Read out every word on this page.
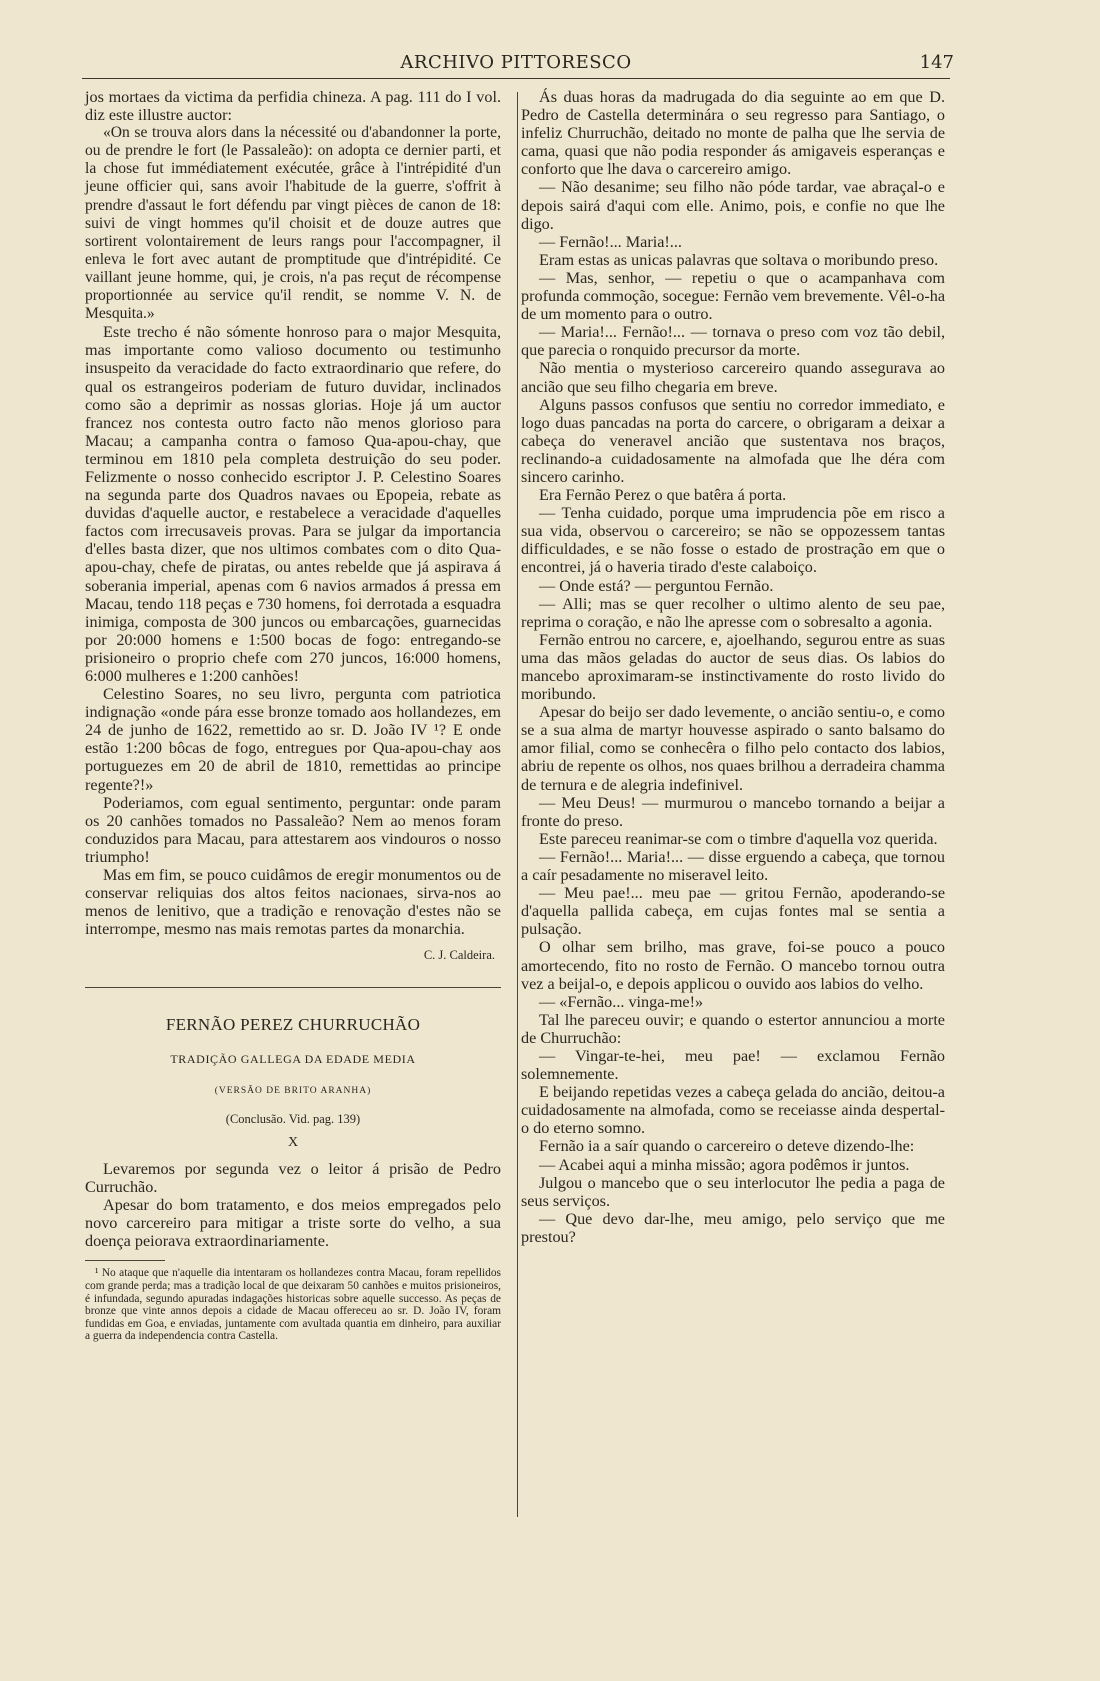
ARCHIVO PITTORESCO	147

jos mortaes da victima da perfidia chineza. A pag. 111 do I vol. diz este illustre auctor:

«On se trouva alors dans la nécessité ou d'abandonner la porte, ou de prendre le fort (le Passaleão): on adopta ce dernier parti, et la chose fut immédiatement exécutée, grâce à l'intrépidité d'un jeune officier qui, sans avoir l'habitude de la guerre, s'offrit à prendre d'assaut le fort défendu par vingt pièces de canon de 18: suivi de vingt hommes qu'il choisit et de douze autres que sortirent volontairement de leurs rangs pour l'accompagner, il enleva le fort avec autant de promptitude que d'intrépidité. Ce vaillant jeune homme, qui, je crois, n'a pas reçut de récompense proportionnée au service qu'il rendit, se nomme V. N. de Mesquita.»

Este trecho é não sómente honroso para o major Mesquita, mas importante como valioso documento ou testimunho insuspeito da veracidade do facto extraordinario que refere, do qual os estrangeiros poderiam de futuro duvidar, inclinados como são a deprimir as nossas glorias. Hoje já um auctor francez nos contesta outro facto não menos glorioso para Macau; a campanha contra o famoso Qua-apou-chay, que terminou em 1810 pela completa destruição do seu poder. Felizmente o nosso conhecido escriptor J. P. Celestino Soares na segunda parte dos Quadros navaes ou Epopeia, rebate as duvidas d'aquelle auctor, e restabelece a veracidade d'aquelles factos com irrecusaveis provas. Para se julgar da importancia d'elles basta dizer, que nos ultimos combates com o dito Qua-apou-chay, chefe de piratas, ou antes rebelde que já aspirava á soberania imperial, apenas com 6 navios armados á pressa em Macau, tendo 118 peças e 730 homens, foi derrotada a esquadra inimiga, composta de 300 juncos ou embarcações, guarnecidas por 20:000 homens e 1:500 bocas de fogo: entregando-se prisioneiro o proprio chefe com 270 juncos, 16:000 homens, 6:000 mulheres e 1:200 canhões!

Celestino Soares, no seu livro, pergunta com patriotica indignação «onde pára esse bronze tomado aos hollandezes, em 24 de junho de 1622, remettido ao sr. D. João IV ¹? E onde estão 1:200 bôcas de fogo, entregues por Qua-apou-chay aos portuguezes em 20 de abril de 1810, remettidas ao principe regente?!»

Poderiamos, com egual sentimento, perguntar: onde param os 20 canhões tomados no Passaleão? Nem ao menos foram conduzidos para Macau, para attestarem aos vindouros o nosso triumpho!

Mas em fim, se pouco cuidâmos de eregir monumentos ou de conservar reliquias dos altos feitos nacionaes, sirva-nos ao menos de lenitivo, que a tradição e renovação d'estes não se interrompe, mesmo nas mais remotas partes da monarchia.

C. J. Caldeira.
FERNÃO PEREZ CHURRUCHÃO
TRADIÇÃO GALLEGA DA EDADE MEDIA
(VERSÃO DE BRITO ARANHA)
(Conclusão. Vid. pag. 139)
X

Levaremos por segunda vez o leitor á prisão de Pedro Curruchão.

Apesar do bom tratamento, e dos meios empregados pelo novo carcereiro para mitigar a triste sorte do velho, a sua doença peiorava extraordinariamente.

¹ No ataque que n'aquelle dia intentaram os hollandezes contra Macau, foram repellidos com grande perda; mas a tradição local de que deixaram 50 canhões e muitos prisioneiros, é infundada, segundo apuradas indagações historicas sobre aquelle successo. As peças de bronze que vinte annos depois a cidade de Macau offereceu ao sr. D. João IV, foram fundidas em Goa, e enviadas, juntamente com avultada quantia em dinheiro, para auxiliar a guerra da independencia contra Castella.

Ás duas horas da madrugada do dia seguinte ao em que D. Pedro de Castella determinára o seu regresso para Santiago, o infeliz Churruchão, deitado no monte de palha que lhe servia de cama, quasi que não podia responder ás amigaveis esperanças e conforto que lhe dava o carcereiro amigo.

— Não desanime; seu filho não póde tardar, vae abraçal-o e depois sairá d'aqui com elle. Animo, pois, e confie no que lhe digo.

— Fernão!... Maria!...

Eram estas as unicas palavras que soltava o moribundo preso.

— Mas, senhor, — repetiu o que o acampanhava com profunda commoção, socegue: Fernão vem brevemente. Vêl-o-ha de um momento para o outro.

— Maria!... Fernão!... — tornava o preso com voz tão debil, que parecia o ronquido precursor da morte.

Não mentia o mysterioso carcereiro quando assegurava ao ancião que seu filho chegaria em breve.

Alguns passos confusos que sentiu no corredor immediato, e logo duas pancadas na porta do carcere, o obrigaram a deixar a cabeça do veneravel ancião que sustentava nos braços, reclinando-a cuidadosamente na almofada que lhe déra com sincero carinho.

Era Fernão Perez o que batêra á porta.

— Tenha cuidado, porque uma imprudencia põe em risco a sua vida, observou o carcereiro; se não se oppozessem tantas difficuldades, e se não fosse o estado de prostração em que o encontrei, já o haveria tirado d'este calaboiço.

— Onde está? — perguntou Fernão.

— Alli; mas se quer recolher o ultimo alento de seu pae, reprima o coração, e não lhe apresse com o sobresalto a agonia.

Fernão entrou no carcere, e, ajoelhando, segurou entre as suas uma das mãos geladas do auctor de seus dias. Os labios do mancebo aproximaram-se instinctivamente do rosto livido do moribundo.

Apesar do beijo ser dado levemente, o ancião sentiu-o, e como se a sua alma de martyr houvesse aspirado o santo balsamo do amor filial, como se conhecêra o filho pelo contacto dos labios, abriu de repente os olhos, nos quaes brilhou a derradeira chamma de ternura e de alegria indefinivel.

— Meu Deus! — murmurou o mancebo tornando a beijar a fronte do preso.

Este pareceu reanimar-se com o timbre d'aquella voz querida.

— Fernão!... Maria!... — disse erguendo a cabeça, que tornou a caír pesadamente no miseravel leito.

— Meu pae!... meu pae — gritou Fernão, apoderando-se d'aquella pallida cabeça, em cujas fontes mal se sentia a pulsação.

O olhar sem brilho, mas grave, foi-se pouco a pouco amortecendo, fito no rosto de Fernão. O mancebo tornou outra vez a beijal-o, e depois applicou o ouvido aos labios do velho.

— «Fernão... vinga-me!»

Tal lhe pareceu ouvir; e quando o estertor annunciou a morte de Churruchão:

— Vingar-te-hei, meu pae! — exclamou Fernão solemnemente.

E beijando repetidas vezes a cabeça gelada do ancião, deitou-a cuidadosamente na almofada, como se receiasse ainda despertal-o do eterno somno.

Fernão ia a saír quando o carcereiro o deteve dizendo-lhe:

— Acabei aqui a minha missão; agora podêmos ir juntos.

Julgou o mancebo que o seu interlocutor lhe pedia a paga de seus serviços.

— Que devo dar-lhe, meu amigo, pelo serviço que me prestou?
